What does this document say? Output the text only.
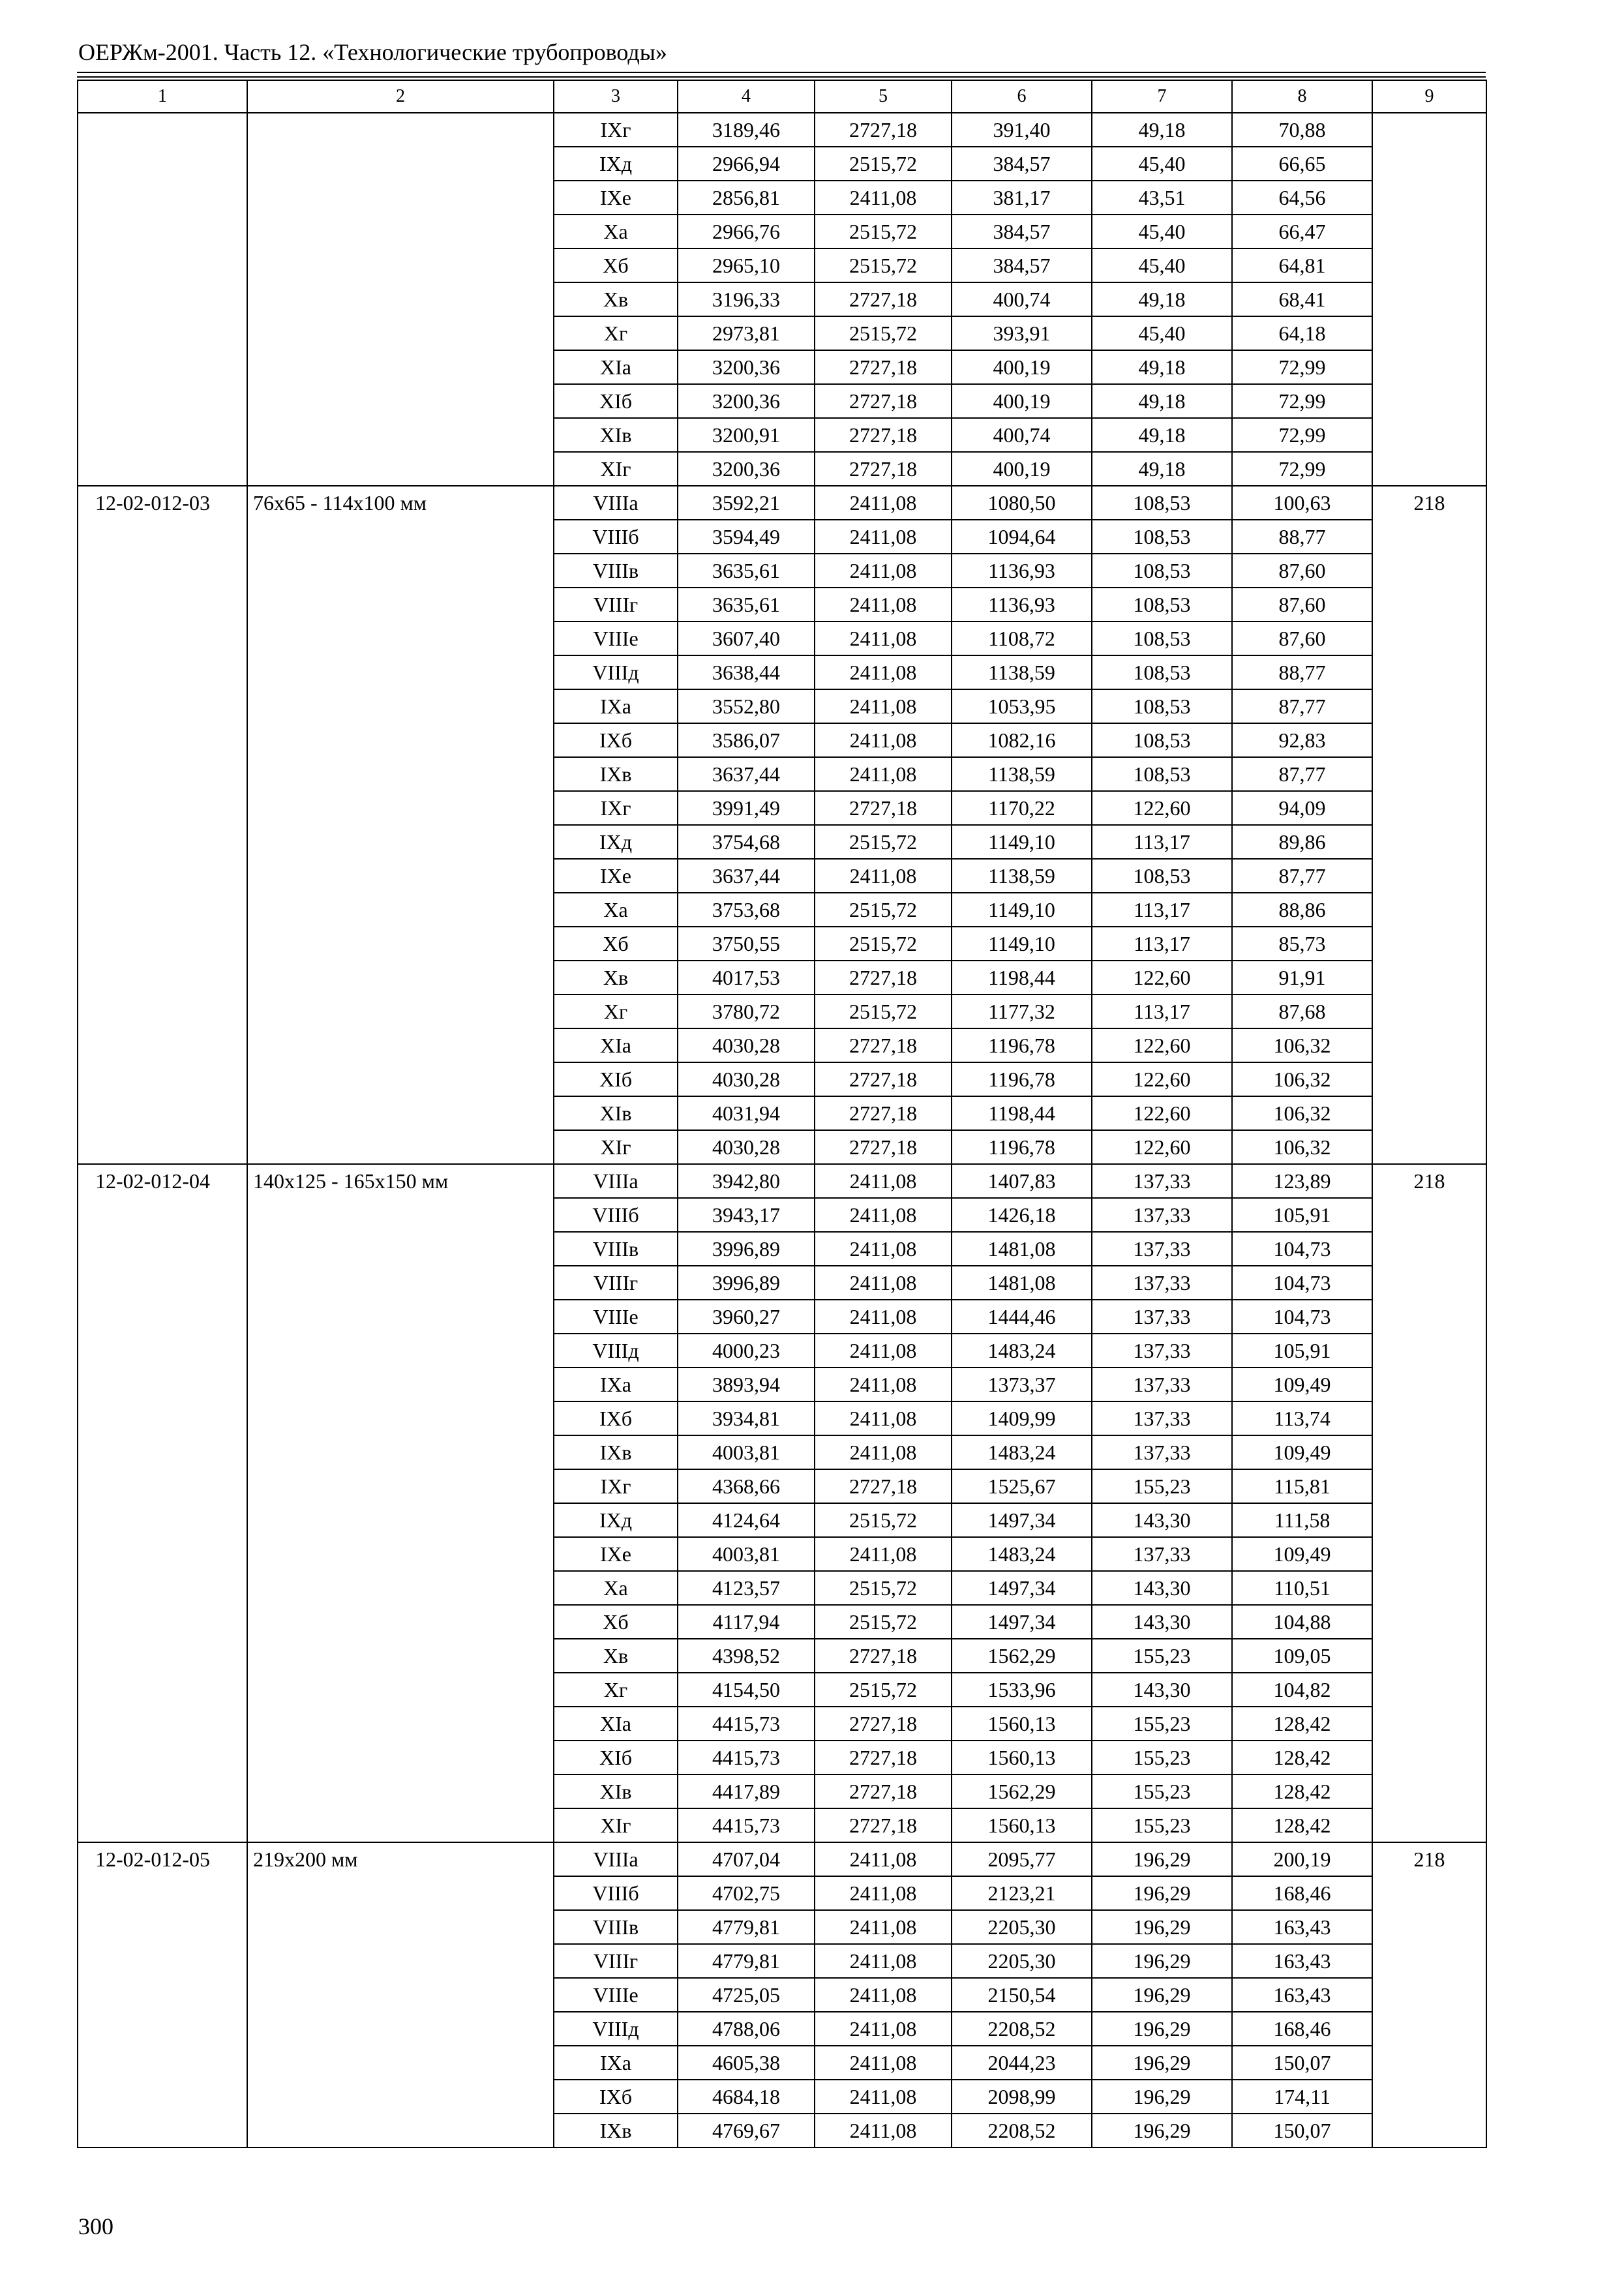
ОЕРЖм-2001. Часть 12. «Технологические трубопроводы»
1	2	3	4	5	6	7	8	9
		IXг	3189,46	2727,18	391,40	49,18	70,88	
		IXд	2966,94	2515,72	384,57	45,40	66,65	
		IXе	2856,81	2411,08	381,17	43,51	64,56	
		Xа	2966,76	2515,72	384,57	45,40	66,47	
		Xб	2965,10	2515,72	384,57	45,40	64,81	
		Xв	3196,33	2727,18	400,74	49,18	68,41	
		Xг	2973,81	2515,72	393,91	45,40	64,18	
		XIа	3200,36	2727,18	400,19	49,18	72,99	
		XIб	3200,36	2727,18	400,19	49,18	72,99	
		XIв	3200,91	2727,18	400,74	49,18	72,99	
		XIг	3200,36	2727,18	400,19	49,18	72,99	
12-02-012-03	76х65 - 114х100 мм	VIIIа	3592,21	2411,08	1080,50	108,53	100,63	218
		VIIIб	3594,49	2411,08	1094,64	108,53	88,77	
		VIIIв	3635,61	2411,08	1136,93	108,53	87,60	
		VIIIг	3635,61	2411,08	1136,93	108,53	87,60	
		VIIIе	3607,40	2411,08	1108,72	108,53	87,60	
		VIIIд	3638,44	2411,08	1138,59	108,53	88,77	
		IXа	3552,80	2411,08	1053,95	108,53	87,77	
		IXб	3586,07	2411,08	1082,16	108,53	92,83	
		IXв	3637,44	2411,08	1138,59	108,53	87,77	
		IXг	3991,49	2727,18	1170,22	122,60	94,09	
		IXд	3754,68	2515,72	1149,10	113,17	89,86	
		IXе	3637,44	2411,08	1138,59	108,53	87,77	
		Xа	3753,68	2515,72	1149,10	113,17	88,86	
		Xб	3750,55	2515,72	1149,10	113,17	85,73	
		Xв	4017,53	2727,18	1198,44	122,60	91,91	
		Xг	3780,72	2515,72	1177,32	113,17	87,68	
		XIа	4030,28	2727,18	1196,78	122,60	106,32	
		XIб	4030,28	2727,18	1196,78	122,60	106,32	
		XIв	4031,94	2727,18	1198,44	122,60	106,32	
		XIг	4030,28	2727,18	1196,78	122,60	106,32	
12-02-012-04	140х125 - 165х150 мм	VIIIа	3942,80	2411,08	1407,83	137,33	123,89	218
		VIIIб	3943,17	2411,08	1426,18	137,33	105,91	
		VIIIв	3996,89	2411,08	1481,08	137,33	104,73	
		VIIIг	3996,89	2411,08	1481,08	137,33	104,73	
		VIIIе	3960,27	2411,08	1444,46	137,33	104,73	
		VIIIд	4000,23	2411,08	1483,24	137,33	105,91	
		IXа	3893,94	2411,08	1373,37	137,33	109,49	
		IXб	3934,81	2411,08	1409,99	137,33	113,74	
		IXв	4003,81	2411,08	1483,24	137,33	109,49	
		IXг	4368,66	2727,18	1525,67	155,23	115,81	
		IXд	4124,64	2515,72	1497,34	143,30	111,58	
		IXе	4003,81	2411,08	1483,24	137,33	109,49	
		Xа	4123,57	2515,72	1497,34	143,30	110,51	
		Xб	4117,94	2515,72	1497,34	143,30	104,88	
		Xв	4398,52	2727,18	1562,29	155,23	109,05	
		Xг	4154,50	2515,72	1533,96	143,30	104,82	
		XIа	4415,73	2727,18	1560,13	155,23	128,42	
		XIб	4415,73	2727,18	1560,13	155,23	128,42	
		XIв	4417,89	2727,18	1562,29	155,23	128,42	
		XIг	4415,73	2727,18	1560,13	155,23	128,42	
12-02-012-05	219х200 мм	VIIIа	4707,04	2411,08	2095,77	196,29	200,19	218
		VIIIб	4702,75	2411,08	2123,21	196,29	168,46	
		VIIIв	4779,81	2411,08	2205,30	196,29	163,43	
		VIIIг	4779,81	2411,08	2205,30	196,29	163,43	
		VIIIе	4725,05	2411,08	2150,54	196,29	163,43	
		VIIIд	4788,06	2411,08	2208,52	196,29	168,46	
		IXа	4605,38	2411,08	2044,23	196,29	150,07	
		IXб	4684,18	2411,08	2098,99	196,29	174,11	
		IXв	4769,67	2411,08	2208,52	196,29	150,07	
300
